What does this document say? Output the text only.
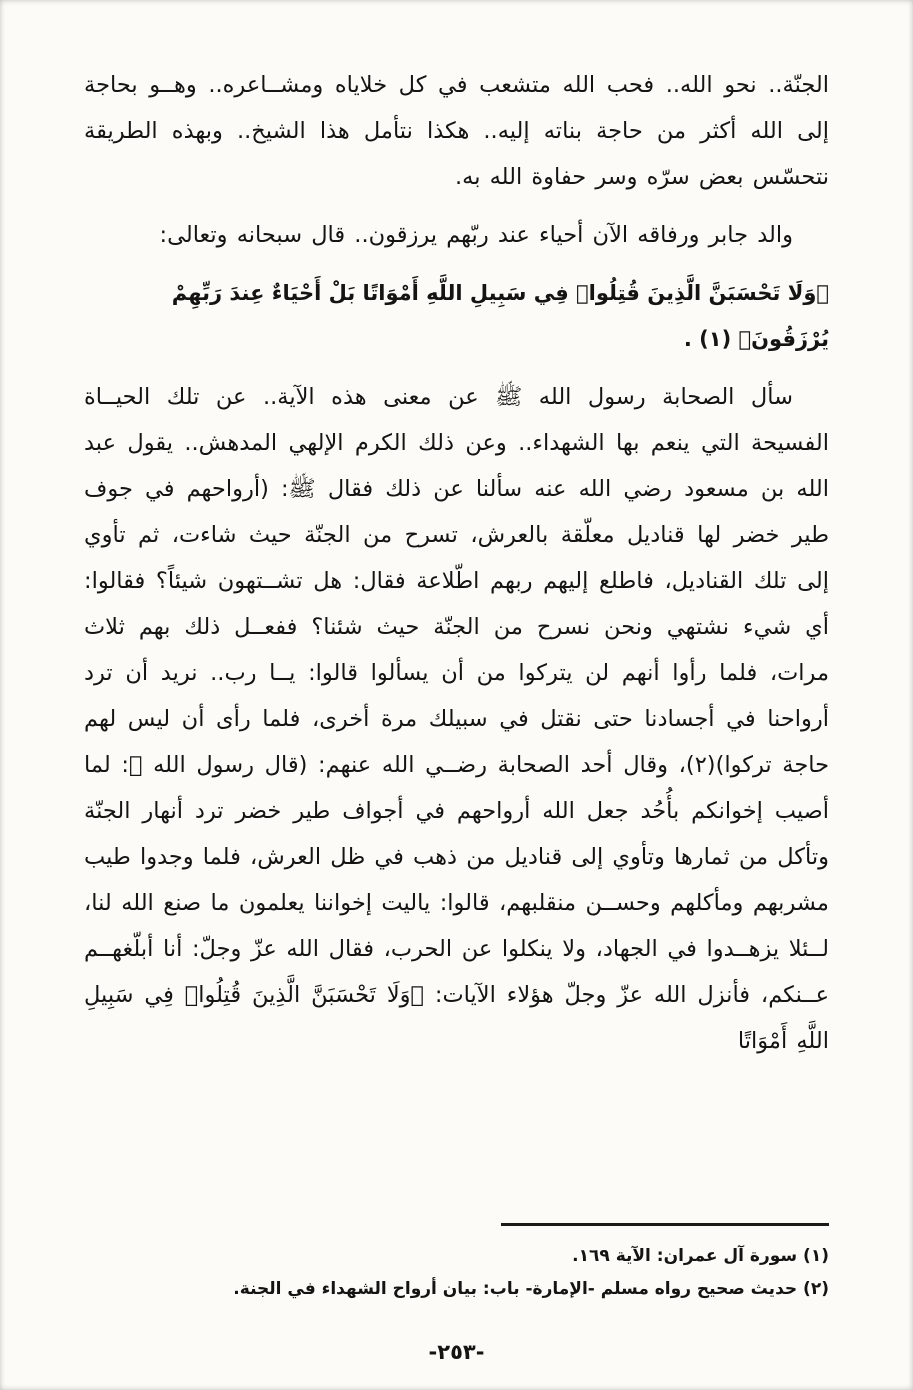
الجنّة.. نحو الله.. فحب الله متشعب في كل خلاياه ومشــاعره.. وهــو بحاجة إلى الله أكثر من حاجة بناته إليه.. هكذا نتأمل هذا الشيخ.. وبهذه الطريقة نتحسّس بعض سرّه وسر حفاوة الله به.

والد جابر ورفاقه الآن أحياء عند ربّهم يرزقون.. قال سبحانه وتعالى:

﴿وَلَا تَحْسَبَنَّ الَّذِينَ قُتِلُوا۟ فِي سَبِيلِ اللَّهِ أَمْوَاتًا بَلْ أَحْيَاءٌ عِندَ رَبِّهِمْ يُرْزَقُونَ﴾ (١) .

سأل الصحابة رسول الله ﷺ عن معنى هذه الآية.. عن تلك الحيــاة الفسيحة التي ينعم بها الشهداء.. وعن ذلك الكرم الإلهي المدهش.. يقول عبد الله بن مسعود رضي الله عنه سألنا عن ذلك فقال ﷺ: (أرواحهم في جوف طير خضر لها قناديل معلّقة بالعرش، تسرح من الجنّة حيث شاءت، ثم تأوي إلى تلك القناديل، فاطلع إليهم ربهم اطّلاعة فقال: هل تشــتهون شيئاً؟ فقالوا: أي شيء نشتهي ونحن نسرح من الجنّة حيث شئنا؟ ففعــل ذلك بهم ثلاث مرات، فلما رأوا أنهم لن يتركوا من أن يسألوا قالوا: يــا رب.. نريد أن ترد أرواحنا في أجسادنا حتى نقتل في سبيلك مرة أخرى، فلما رأى أن ليس لهم حاجة تركوا)(٢)، وقال أحد الصحابة رضــي الله عنهم: (قال رسول الله ﷺ: لما أصيب إخوانكم بأُحُد جعل الله أرواحهم في أجواف طير خضر ترد أنهار الجنّة وتأكل من ثمارها وتأوي إلى قناديل من ذهب في ظل العرش، فلما وجدوا طيب مشربهم ومأكلهم وحســن منقلبهم، قالوا: ياليت إخواننا يعلمون ما صنع الله لنا، لــئلا يزهــدوا في الجهاد، ولا ينكلوا عن الحرب، فقال الله عزّ وجلّ: أنا أبلّغهــم عــنكم، فأنزل الله عزّ وجلّ هؤلاء الآيات: ﴿وَلَا تَحْسَبَنَّ الَّذِينَ قُتِلُوا۟ فِي سَبِيلِ اللَّهِ أَمْوَاتًا

(١) سورة آل عمران: الآية ١٦٩.

(٢) حديث صحيح رواه مسلم -الإمارة- باب: بيان أرواح الشهداء في الجنة.

-٢٥٣-
